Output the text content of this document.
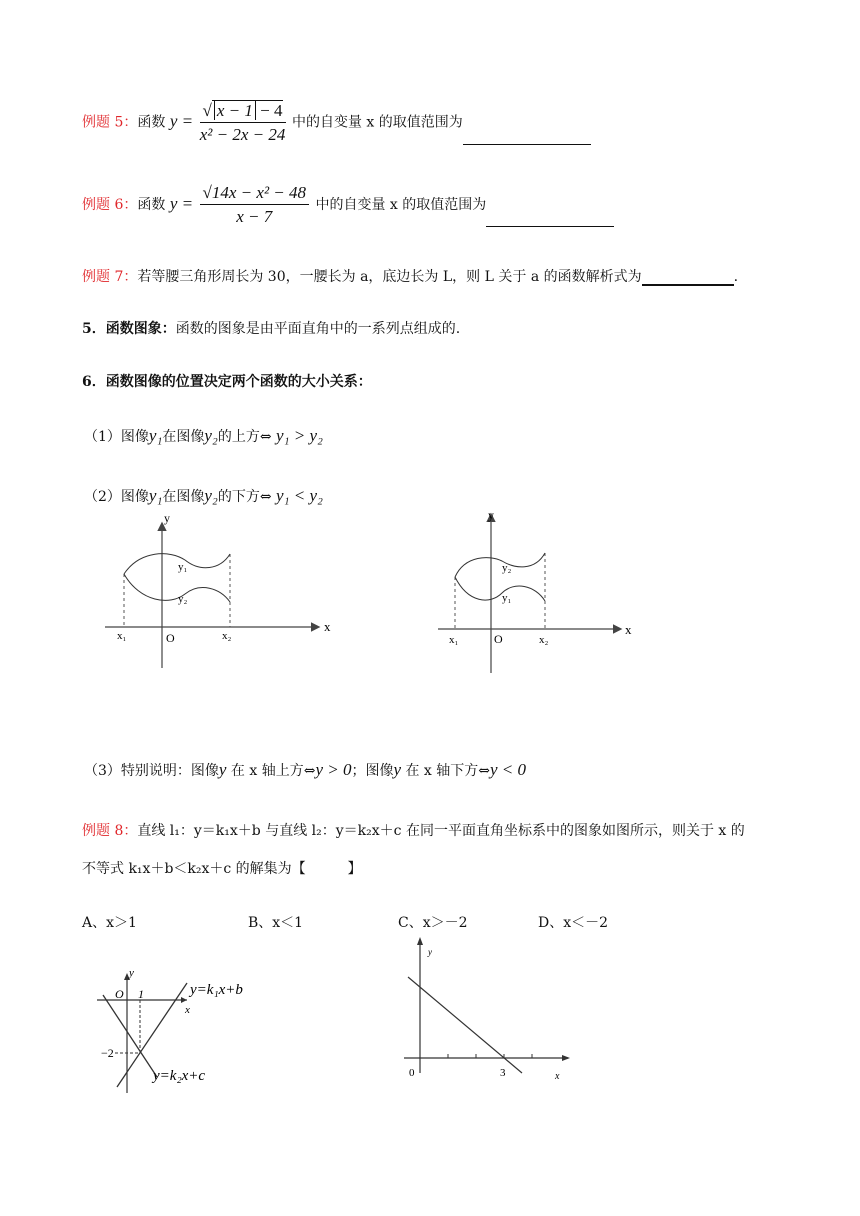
例题 5：函数 $y = \frac{√ x - 1 - 4}{\text{x² − 2x − 24}}$ 中的自变量 x 的取值范围为
例题 6：函数 $y = \frac{\text{√14x − x² − 48}}{x - 7}$ 中的自变量 x 的取值范围为
例题 7：若等腰三角形周长为 30，一腰长为 a，底边长为 L，则 L 关于 a 的函数解析式为	.
5．函数图象：函数的图象是由平面直角中的一系列点组成的.
6．函数图像的位置决定两个函数的大小关系：
（1）图像y₁在图像y₂的上方⇔ y₁ > y₂
（2）图像y₁在图像y₂的下方⇔ y₁ < y₂
y
x
O
x₁	x₂
y₁
y₂
y
x
O
x₁	x₂
y₂
y₁
（3）特别说明：图像y 在 x 轴上方⇔y > 0；图像y 在 x 轴下方⇔y < 0
例题 8：直线 l₁：y＝k₁x＋b 与直线 l₂：y＝k₂x＋c 在同一平面直角坐标系中的图象如图所示，则关于 x 的
不等式 k₁x＋b＜k₂x＋c 的解集为【　　　】
A、x＞1	B、x＜1	C、x＞－2	D、x＜－2
y
x
O 1
−2
y=k₁x+b
y=k₂x+c
y
x
0	3
